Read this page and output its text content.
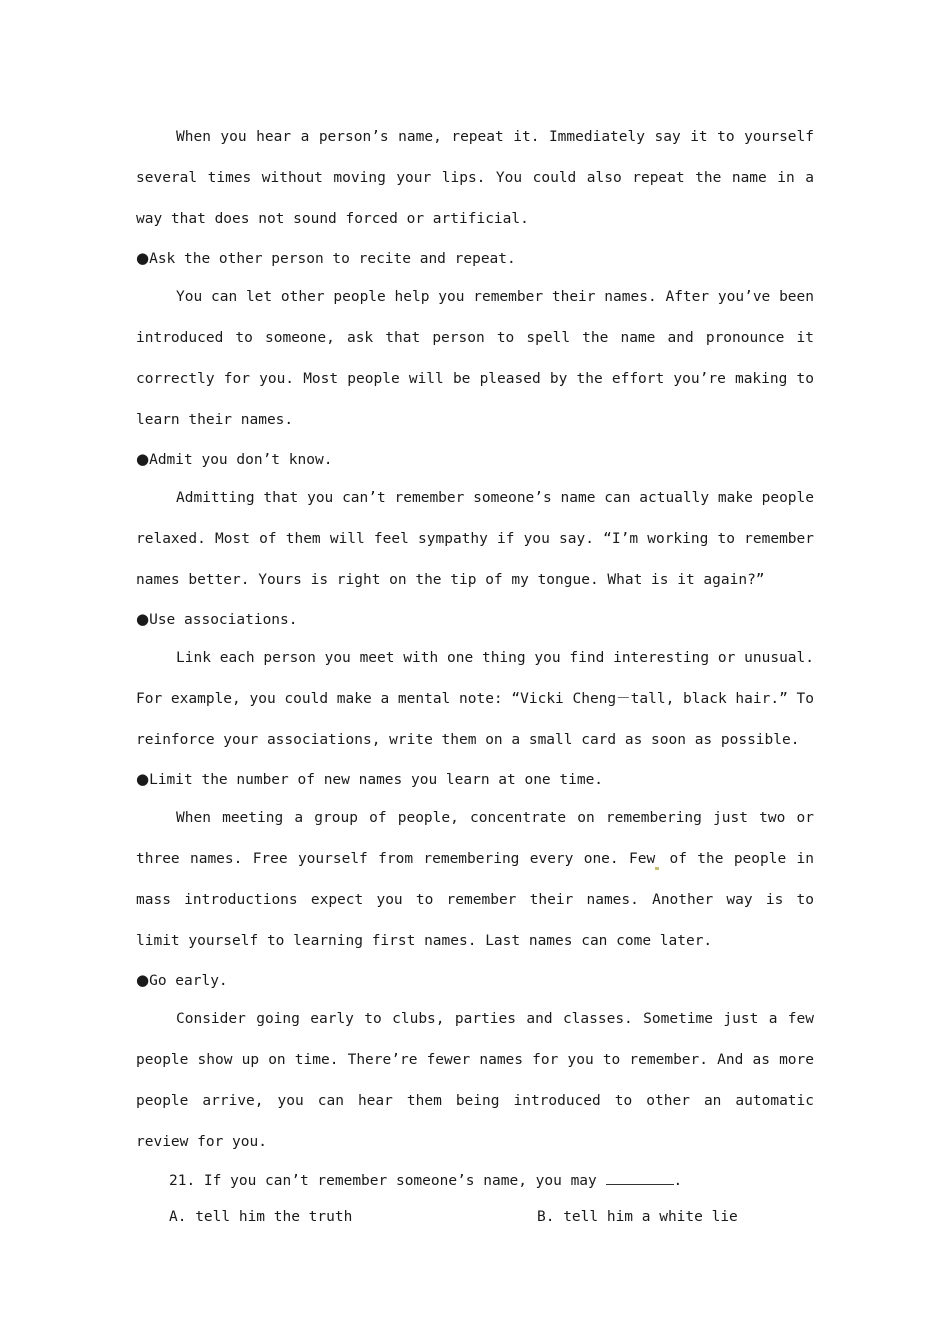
When you hear a person’s name, repeat it. Immediately say it to yourself several times without moving your lips. You could also repeat the name in a way that does not sound forced or artificial.

●Ask the other person to recite and repeat.

You can let other people help you remember their names. After you’ve been introduced to someone, ask that person to spell the name and pronounce it correctly for you. Most people will be pleased by the effort you’re making to learn their names.

●Admit you don’t know.

Admitting that you can’t remember someone’s name can actually make people relaxed. Most of them will feel sympathy if you say. “I’m working to remember names better. Yours is right on the tip of my tongue. What is it again?”

●Use associations.

Link each person you meet with one thing you find interesting or unusual. For example, you could make a mental note: “Vicki Cheng－tall, black hair.” To reinforce your associations, write them on a small card as soon as possible.

●Limit the number of new names you learn at one time.

When meeting a group of people, concentrate on remembering just two or three names. Free yourself from remembering every one. Few of the people in mass introductions expect you to remember their names. Another way is to limit yourself to learning first names. Last names can come later.

●Go early.

Consider going early to clubs, parties and classes. Sometime just a few people show up on time. There’re fewer names for you to remember. And as more people arrive, you can hear them being introduced to other an automatic review for you.

21. If you can’t remember someone’s name, you may	.

A. tell him the truth	B. tell him a white lie
